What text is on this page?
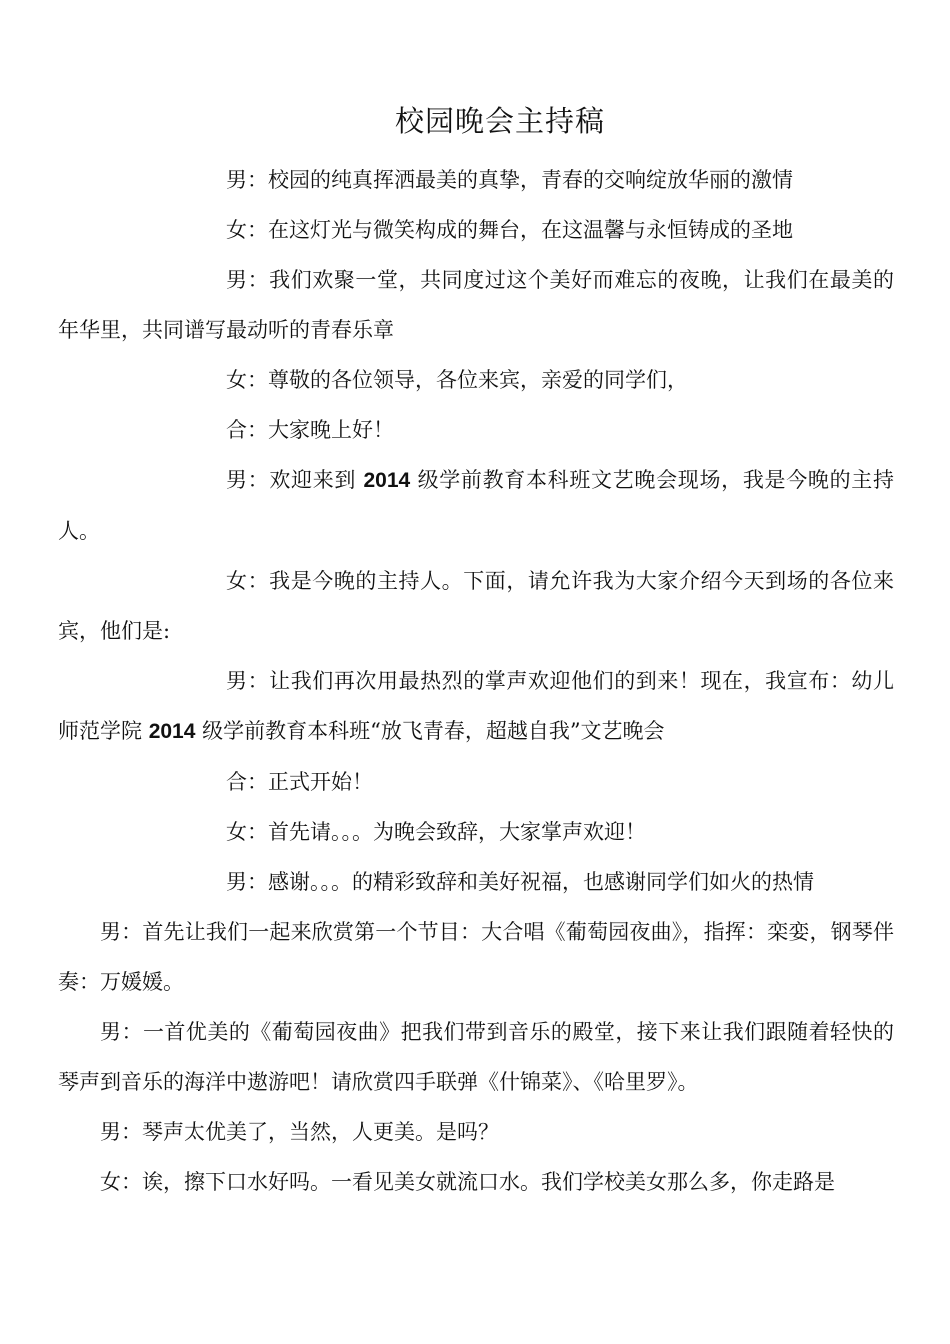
校园晚会主持稿

男：校园的纯真挥洒最美的真挚，青春的交响绽放华丽的激情

女：在这灯光与微笑构成的舞台，在这温馨与永恒铸成的圣地

男：我们欢聚一堂，共同度过这个美好而难忘的夜晚，让我们在最美的年华里，共同谱写最动听的青春乐章

女：尊敬的各位领导，各位来宾，亲爱的同学们，

合：大家晚上好！

男：欢迎来到 2014 级学前教育本科班文艺晚会现场，我是今晚的主持人。

女：我是今晚的主持人。下面，请允许我为大家介绍今天到场的各位来宾，他们是:

男：让我们再次用最热烈的掌声欢迎他们的到来！现在，我宣布：幼儿师范学院 2014 级学前教育本科班“放飞青春，超越自我”文艺晚会

合：正式开始！

女：首先请。。。为晚会致辞，大家掌声欢迎！

男：感谢。。。的精彩致辞和美好祝福，也感谢同学们如火的热情

男：首先让我们一起来欣赏第一个节目：大合唱《葡萄园夜曲》，指挥：栾娈，钢琴伴奏：万媛媛。

男：一首优美的《葡萄园夜曲》把我们带到音乐的殿堂，接下来让我们跟随着轻快的琴声到音乐的海洋中遨游吧！请欣赏四手联弹《什锦菜》、《哈里罗》。

男：琴声太优美了，当然，人更美。是吗？

女：诶，擦下口水好吗。一看见美女就流口水。我们学校美女那么多，你走路是
